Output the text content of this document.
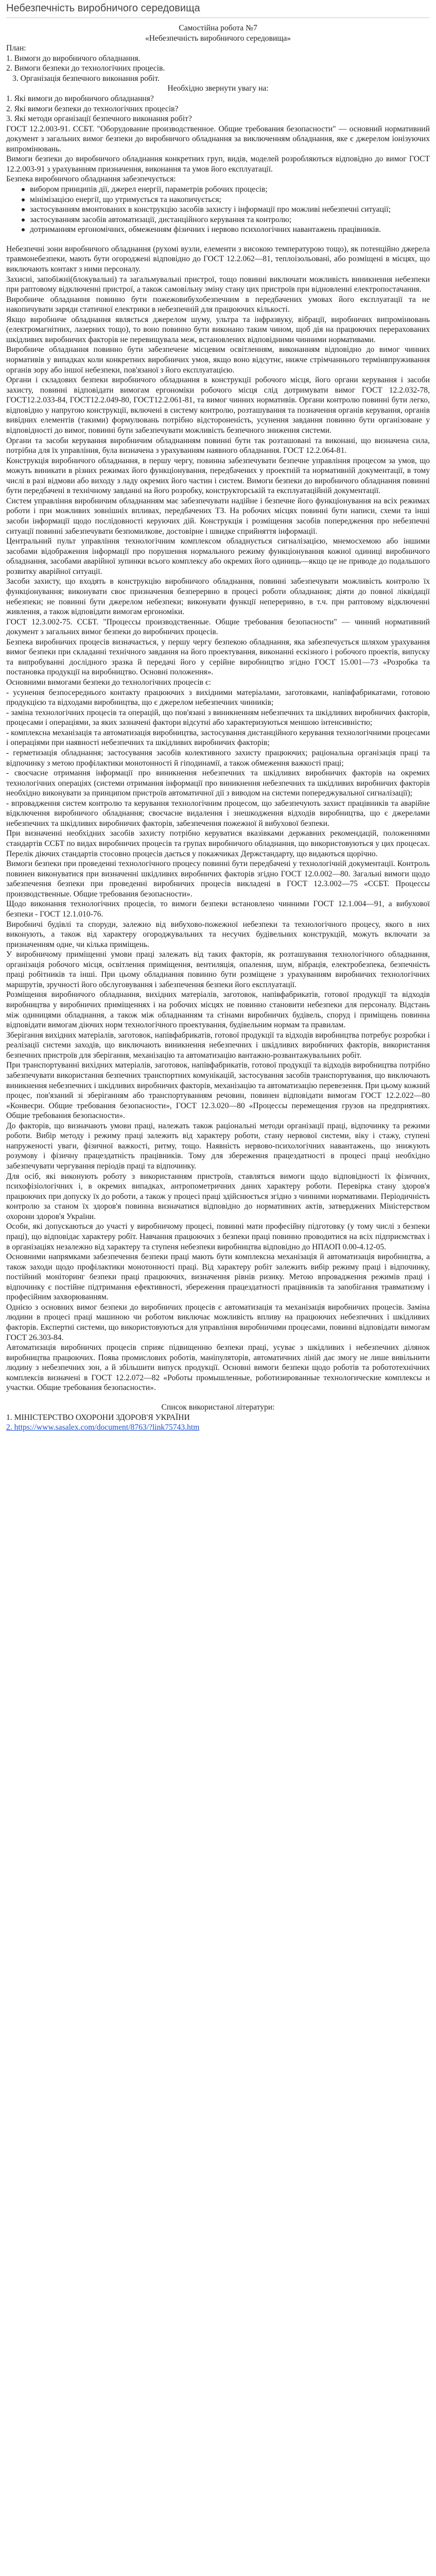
Небезпечність виробничого середовища

Самостійна робота №7

«Небезпечність виробничого середовища»

План:

1. Вимоги до виробничого обладнання.

2. Вимоги безпеки до технологічних процесів.

3. Організація безпечного виконання робіт.

Необхідно звернути увагу на:

1. Які вимоги до виробничого обладнання?

2. Які вимоги безпеки до технологічних процесів?

3. Які методи організації безпечного виконання робіт?

ГОСТ 12.2.003-91. ССБТ. "Оборудование производственное. Общие требования безопасности" — основний нормативний документ з загальних вимог безпеки до виробничого обладнання за виключенням обладнання, яке є джерелом іонізуючих випромінювань.

Вимоги безпеки до виробничого обладнання конкретних груп, видів, моделей розробляються відповідно до вимог ГОСТ 12.2.003-91 з урахуванням призначення, виконання та умов його експлуатації.

Безпека виробничого обладнання забезпечується:

вибором принципів дії, джерел енергії, параметрів робочих процесів;
мінімізацією енергії, що утримується та накопичується;
застосуванням вмонтованих в конструкцію засобів захисту і інформації про можливі небезпечні ситуації;
застосуванням засобів автоматизації, дистанційного керування та контролю;
дотриманням ергономічних, обмеженням фізичних і нервово психологічних навантажень працівників.

Небезпечні зони виробничого обладнання (рухомі вузли, елементи з високою температурою тощо), як потенційно джерела травмонебезпеки, мають бути огороджені відповідно до ГОСТ 12.2.062—81, теплоізольовані, або розміщені в місцях, що виключають контакт з ними персоналу.

Захисні, запобіжні(блокувальні) та загальмувальні пристрої, тощо повинні виключати можливість виникнення небезпеки при раптовому відключенні пристрої, а також самовільну зміну стану цих пристроїв при відновленні електропостачання.

Виробниче обладнання повинно бути пожежовибухобезпечним в передбачених умовах його експлуатації та не накопичувати заряди статичної електрики в небезпечній для працюючих кількості.

Якщо виробниче обладнання являється джерелом шуму, ультра та інфразвуку, вібрації, виробничих випромінювань (електромагнітних, лазерних тощо), то воно повинно бути виконано таким чином, щоб дія на працюючих перерахованих шкідливих виробничих факторів не перевищувала меж, встановлених відповідними чинними нормативами.

Виробниче обладнання повинно бути забезпечене місцевим освітленням, виконанням відповідно до вимог чинних нормативів у випадках коли конкретних виробничих умов, якщо воно відсутнє, нижче стрімчаннього термінвпруживання органів зору або іншої небезпеки, пов'язаної з його експлуатацією.

Органи і складових безпеки виробничого обладнання в конструкції робочого місця, його органи керування і засоби захисту, повинні відповідати вимогам ергономіки робочого місця слід дотримувати вимог ГОСТ 12.2.032-78, ГОСТ12.2.033-84, ГОСТ12.2.049-80, ГОСТ12.2.061-81, та вимог чинних нормативів. Органи контролю повинні бути легко, відповідно у напругою конструкції, включені в систему контролю, розташування та позначення органів керування, органів вивідних елементів (такими) формулювань потрібно відстороненість, усунення завдання повинно бути організоване у відповідності до вимог, повинні бути забезпечувати можливість безпечного зниження системи.

Органи та засоби керування виробничим обладнанням повинні бути так розташовані та виконані, що визначена сила, потрібна для їх управління, була визначена з урахуванням наявного обладнання. ГОСТ 12.2.064-81.

Конструкція виробничого обладнання, в першу чергу, повинна забезпечувати безпечне управління процесом за умов, що можуть виникати в різних режимах його функціонування, передбачених у проектній та нормативній документації, в тому числі в разі відмови або виходу з ладу окремих його частин і систем. Вимоги безпеки до виробничого обладнання повинні бути передбачені в технічному завданні на його розробку, конструкторській та експлуатаційній документації.

Систем управління виробничим обладнанням має забезпечувати надійне і безпечне його функціонування на всіх режимах роботи і при можливих зовнішніх впливах, передбачених ТЗ. На робочих місцях повинні бути написи, схеми та інші засоби інформації щодо послідовності керуючих дій. Конструкція і розміщення засобів попередження про небезпечні ситуації повинні забезпечувати безпомилкове, достовірне і швидке сприйняття інформації.

Центральний пульт управління технологічним комплексом обладнується сигналізацією, мнемосхемою або іншими засобами відображення інформації про порушення нормального режиму функціонування кожної одиниці виробничого обладнання, засобами аварійної зупинки всього комплексу або окремих його одиниць—якщо це не приводе до подальшого розвитку аварійної ситуації.

Засоби захисту, що входять в конструкцію виробничого обладнання, повинні забезпечувати можливість контролю їх функціонування; виконувати своє призначення безперервно в процесі роботи обладнання; діяти до повної ліквідації небезпеки; не повинні бути джерелом небезпеки; виконувати функції непереривно, в т.ч. при раптовому відключенні живлення, а також відповідати вимогам ергономіки.

ГОСТ 12.3.002-75. ССБТ. "Процессы производственные. Общие требования безопасности" — чинний нормативний документ з загальних вимог безпеки до виробничих процесів.

Безпека виробничих процесів визначається, у першу чергу безпекою обладнання, яка забезпечується шляхом урахування вимог безпеки при складанні технічного завдання на його проектування, виконанні ескізного і робочого проектів, випуску та випробуванні дослідного зразка й передачі його у серійне виробництво згідно ГОСТ 15.001—73 «Розробка та постановка продукції на виробництво. Основні положення».

Основними вимогами безпеки до технологічних процесів є:

- усунення безпосереднього контакту працюючих з вихідними матеріалами, заготовками, напівфабрикатами, готовою продукцією та відходами виробництва, що є джерелом небезпечних чинників;

- заміна технологічних процесів та операцій, що пов'язані з виникненням небезпечних та шкідливих виробничих факторів, процесами і операціями, за яких зазначені фактори відсутні або характеризуються меншою інтенсивністю;

- комплексна механізація та автоматизація виробництва, застосування дистанційного керування технологічними процесами і операціями при наявності небезпечних та шкідливих виробничих факторів;

- герметизація обладнання; застосування засобів колективного захисту працюючих; раціональна організація праці та відпочинку з метою профілактики монотонності й гіподинамії, а також обмеження важкості праці;

- своєчасне отримання інформації про виникнення небезпечних та шкідливих виробничих факторів на окремих технологічних операціях (системи отримання інформації про виникнення небезпечних та шкідливих виробничих факторів необхідно виконувати за принципом пристроїв автоматичної дії з виводом на системи попереджувальної сигналізації);

- впровадження систем контролю та керування технологічним процесом, що забезпечують захист працівників та аварійне відключення виробничого обладнання; своєчасне видалення і знешкодження відходів виробництва, що є джерелами небезпечних та шкідливих виробничих факторів, забезпечення пожежної й вибухової безпеки.

При визначенні необхідних засобів захисту потрібно керуватися вказівками державних рекомендацій, положеннями стандартів ССБТ по видах виробничих процесів та групах виробничого обладнання, що використовуються у цих процесах. Перелік діючих стандартів стосовно процесів даєтьcя у покажчиках Держстандарту, що видаються щорічно.

Вимоги безпеки при проведенні технологічного процесу повинні бути передбачені у технологічній документації. Контроль повинен виконуватися при визначенні шкідливих виробничих факторів згідно ГОСТ 12.0.002—80. Загальні вимоги щодо забезпечення безпеки при проведенні виробничих процесів викладені в ГОСТ 12.3.002—75 «ССБТ. Процессы производственные. Общие требования безопасности».

Щодо виконання технологічних процесів, то вимоги безпеки встановлено чинними ГОСТ 12.1.004—91, а вибухової безпеки - ГОСТ 12.1.010-76.

Виробничі будівлі та споруди, залежно від вибухово-пожежної небезпеки та технологічного процесу, якого в них виконують, а також від характеру огороджувальних та несучих будівельних конструкцій, можуть включати за призначенням одне, чи кілька приміщень.

У виробничому приміщенні умови праці залежать від таких факторів, як розташування технологічного обладнання, організація робочого місця, освітлення приміщення, вентиляція, опалення, шум, вібрація, електробезпека, безпечність праці робітників та інші. При цьому обладнання повинно бути розміщене з урахуванням виробничих технологічних маршрутів, зручності його обслуговування і забезпечення безпеки його експлуатації.

Розміщення виробничого обладнання, вихідних матеріалів, заготовок, напівфабрикатів, готової продукції та відходів виробництва у виробничих приміщеннях і на робочих місцях не повинно становити небезпеки для персоналу. Відстань між одиницями обладнання, а також між обладнанням та стінами виробничих будівель, споруд і приміщень повинна відповідати вимогам діючих норм технологічного проектування, будівельним нормам та правилам.

Зберігання вихідних матеріалів, заготовок, напівфабрикатів, готової продукції та відходів виробництва потребує розробки і реалізації системи заходів, що виключають виникнення небезпечних і шкідливих виробничих факторів, використання безпечних пристроїв для зберігання, механізацію та автоматизацію вантажно-розвантажувальних робіт.

При транспортуванні вихідних матеріалів, заготовок, напівфабрикатів, готової продукції та відходів виробництва потрібно забезпечувати використання безпечних транспортних комунікацій, застосування засобів транспортування, що виключають виникнення небезпечних і шкідливих виробничих факторів, механізацію та автоматизацію перевезення. При цьому кожний процес, пов'язаний зі зберіганням або транспортуванням речовин, повинен відповідати вимогам ГОСТ 12.2.022—80 «Конвеєри. Общие требования безопасности», ГОСТ 12.3.020—80 «Процессы перемещения грузов на предприятиях. Общие требования безопасности».

До факторів, що визначають умови праці, належать також раціональні методи організації праці, відпочинку та режими роботи. Вибір методу і режиму праці залежить від характеру роботи, стану нервової системи, віку і стажу, ступені напруженості уваги, фізичної важкості, ритму, тощо. Наявність нервово-психологічних навантажень, що знижують розумову і фізичну працездатність працівників. Тому для збереження працездатності в процесі праці необхідно забезпечувати чергування періодів праці та відпочинку.

Для осіб, які виконують роботу з використанням пристроїв, ставляться вимоги щодо відповідності їх фізичних, психофізіологічних і, в окремих випадках, антропометричних даних характеру роботи. Перевірка стану здоров'я працюючих при допуску їх до роботи, а також у процесі праці здійснюється згідно з чинними нормативами. Періодичність контролю за станом їх здоров'я повинна визначатися відповідно до нормативних актів, затверджених Міністерством охорони здоров'я України.

Особи, які допускаються до участі у виробничому процесі, повинні мати професійну підготовку (у тому числі з безпеки праці), що відповідає характеру робіт. Навчання працюючих з безпеки праці повинно проводитися на всіх підприємствах і в організаціях незалежно від характеру та ступеня небезпеки виробництва відповідно до НПАОП 0.00-4.12-05.

Основними напрямками забезпечення безпеки праці мають бути комплексна механізація й автоматизація виробництва, а також заходи щодо профілактики монотонності праці. Від характеру робіт залежить вибір режиму праці і відпочинку, постійний моніторинг безпеки праці працюючих, визначення рівнів ризику. Метою впровадження режимів праці і відпочинку є постійне підтримання ефективності, збереження працездатності працівників та запобігання травматизму і професійним захворюванням.

Однією з основних вимог безпеки до виробничих процесів є автоматизація та механізація виробничих процесів. Заміна людини в процесі праці машиною чи роботом виключає можливість впливу на працюючих небезпечних і шкідливих факторів. Експертні системи, що використовуються для управління виробничими процесами, повинні відповідати вимогам ГОСТ 26.303-84.

Автоматизація виробничих процесів сприяє підвищенню безпеки праці, усуває з шкідливих і небезпечних ділянок виробництва працюючих. Поява промислових роботів, маніпуляторів, автоматичних ліній дає змогу не лише вивільнити людину з небезпечних зон, а й збільшити випуск продукції. Основні вимоги безпеки щодо роботів та робототехнічних комплексів визначені в ГОСТ 12.2.072—82 «Роботы промышленные, роботизированные технологические комплексы и участки. Общие требования безопасности».

Список використаної літератури:

1. МІНІСТЕРСТВО ОХОРОНИ ЗДОРОВ'Я УКРАЇНИ

2. https://www.sasalex.com/document/8763/?link75743.htm
